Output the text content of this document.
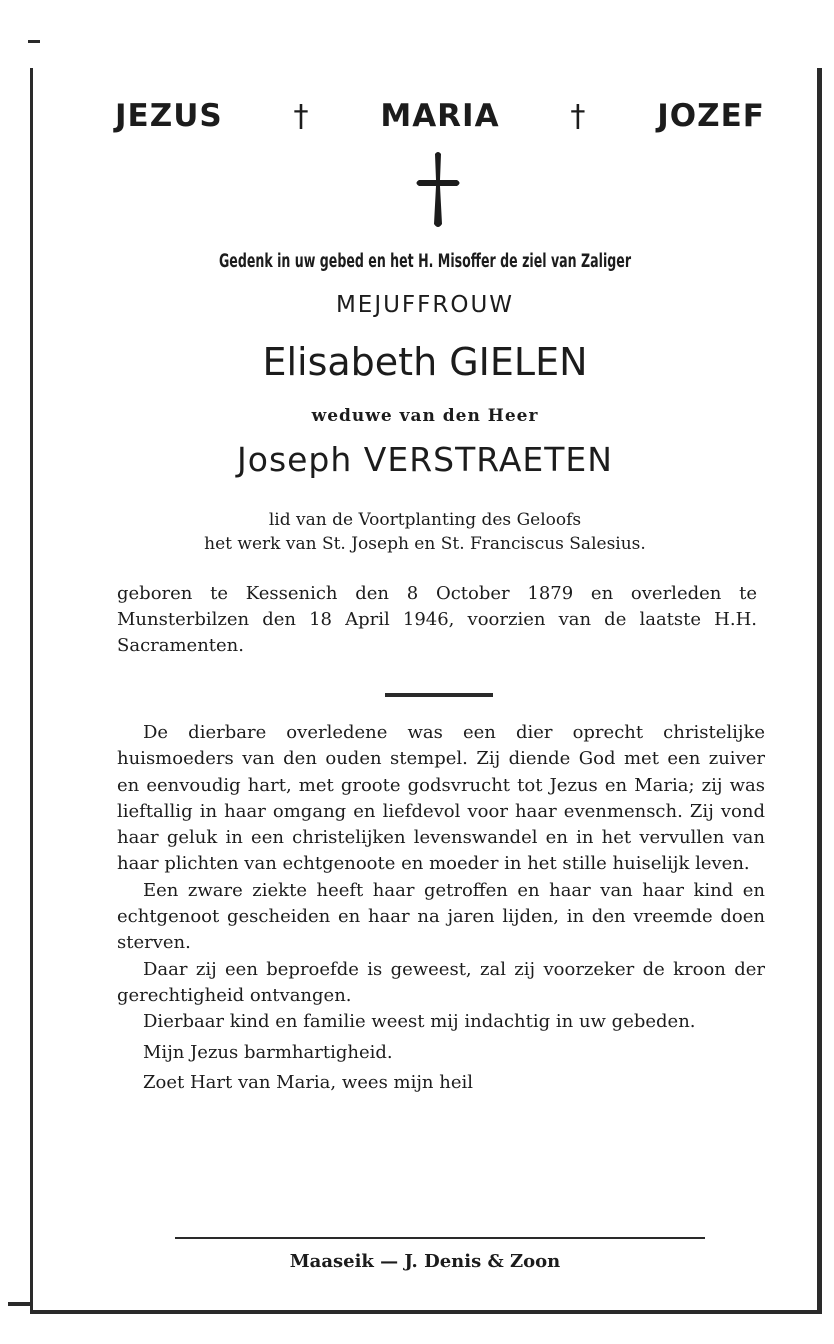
JEZUS † MARIA † JOZEF
Gedenk in uw gebed en het H. Misoffer de ziel van Zaliger
MEJUFFROUW
Elisabeth GIELEN
weduwe van den Heer
Joseph VERSTRAETEN
lid van de Voortplanting des Geloofs
het werk van St. Joseph en St. Franciscus Salesius.
geboren te Kessenich den 8 October 1879 en overleden te Munsterbilzen den 18 April 1946, voorzien van de laatste H.H. Sacramenten.

De dierbare overledene was een dier oprecht christelijke huismoeders van den ouden stempel. Zij diende God met een zuiver en eenvoudig hart, met groote godsvrucht tot Jezus en Maria; zij was lieftallig in haar omgang en liefdevol voor haar evenmensch. Zij vond haar geluk in een christelijken levenswandel en in het vervullen van haar plichten van echtgenoote en moeder in het stille huiselijk leven.

Een zware ziekte heeft haar getroffen en haar van haar kind en echtgenoot gescheiden en haar na jaren lijden, in den vreemde doen sterven.

Daar zij een beproefde is geweest, zal zij voorzeker de kroon der gerechtigheid ontvangen.

Dierbaar kind en familie weest mij indachtig in uw gebeden.

Mijn Jezus barmhartigheid.

Zoet Hart van Maria, wees mijn heil

Maaseik — J. Denis & Zoon
